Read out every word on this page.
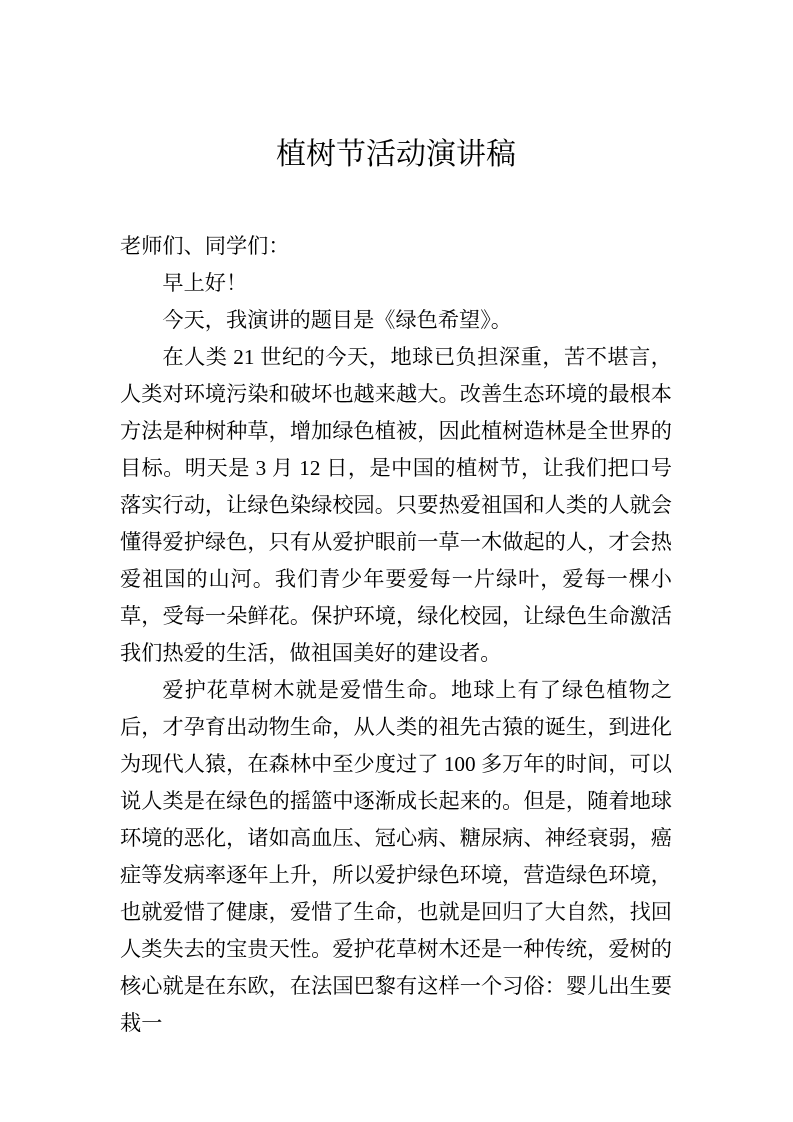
植树节活动演讲稿

老师们、同学们：

早上好！

今天，我演讲的题目是《绿色希望》。

在人类 21 世纪的今天，地球已负担深重，苦不堪言，人类对环境污染和破坏也越来越大。改善生态环境的最根本方法是种树种草，增加绿色植被，因此植树造林是全世界的目标。明天是 3 月 12 日，是中国的植树节，让我们把口号落实行动，让绿色染绿校园。只要热爱祖国和人类的人就会懂得爱护绿色，只有从爱护眼前一草一木做起的人，才会热爱祖国的山河。我们青少年要爱每一片绿叶，爱每一棵小草，受每一朵鲜花。保护环境，绿化校园，让绿色生命激活我们热爱的生活，做祖国美好的建设者。

爱护花草树木就是爱惜生命。地球上有了绿色植物之后，才孕育出动物生命，从人类的祖先古猿的诞生，到进化为现代人猿，在森林中至少度过了 100 多万年的时间，可以说人类是在绿色的摇篮中逐渐成长起来的。但是，随着地球环境的恶化，诸如高血压、冠心病、糖尿病、神经衰弱，癌症等发病率逐年上升，所以爱护绿色环境，营造绿色环境，也就爱惜了健康，爱惜了生命，也就是回归了大自然，找回人类失去的宝贵天性。爱护花草树木还是一种传统，爱树的核心就是在东欧，在法国巴黎有这样一个习俗：婴儿出生要栽一
